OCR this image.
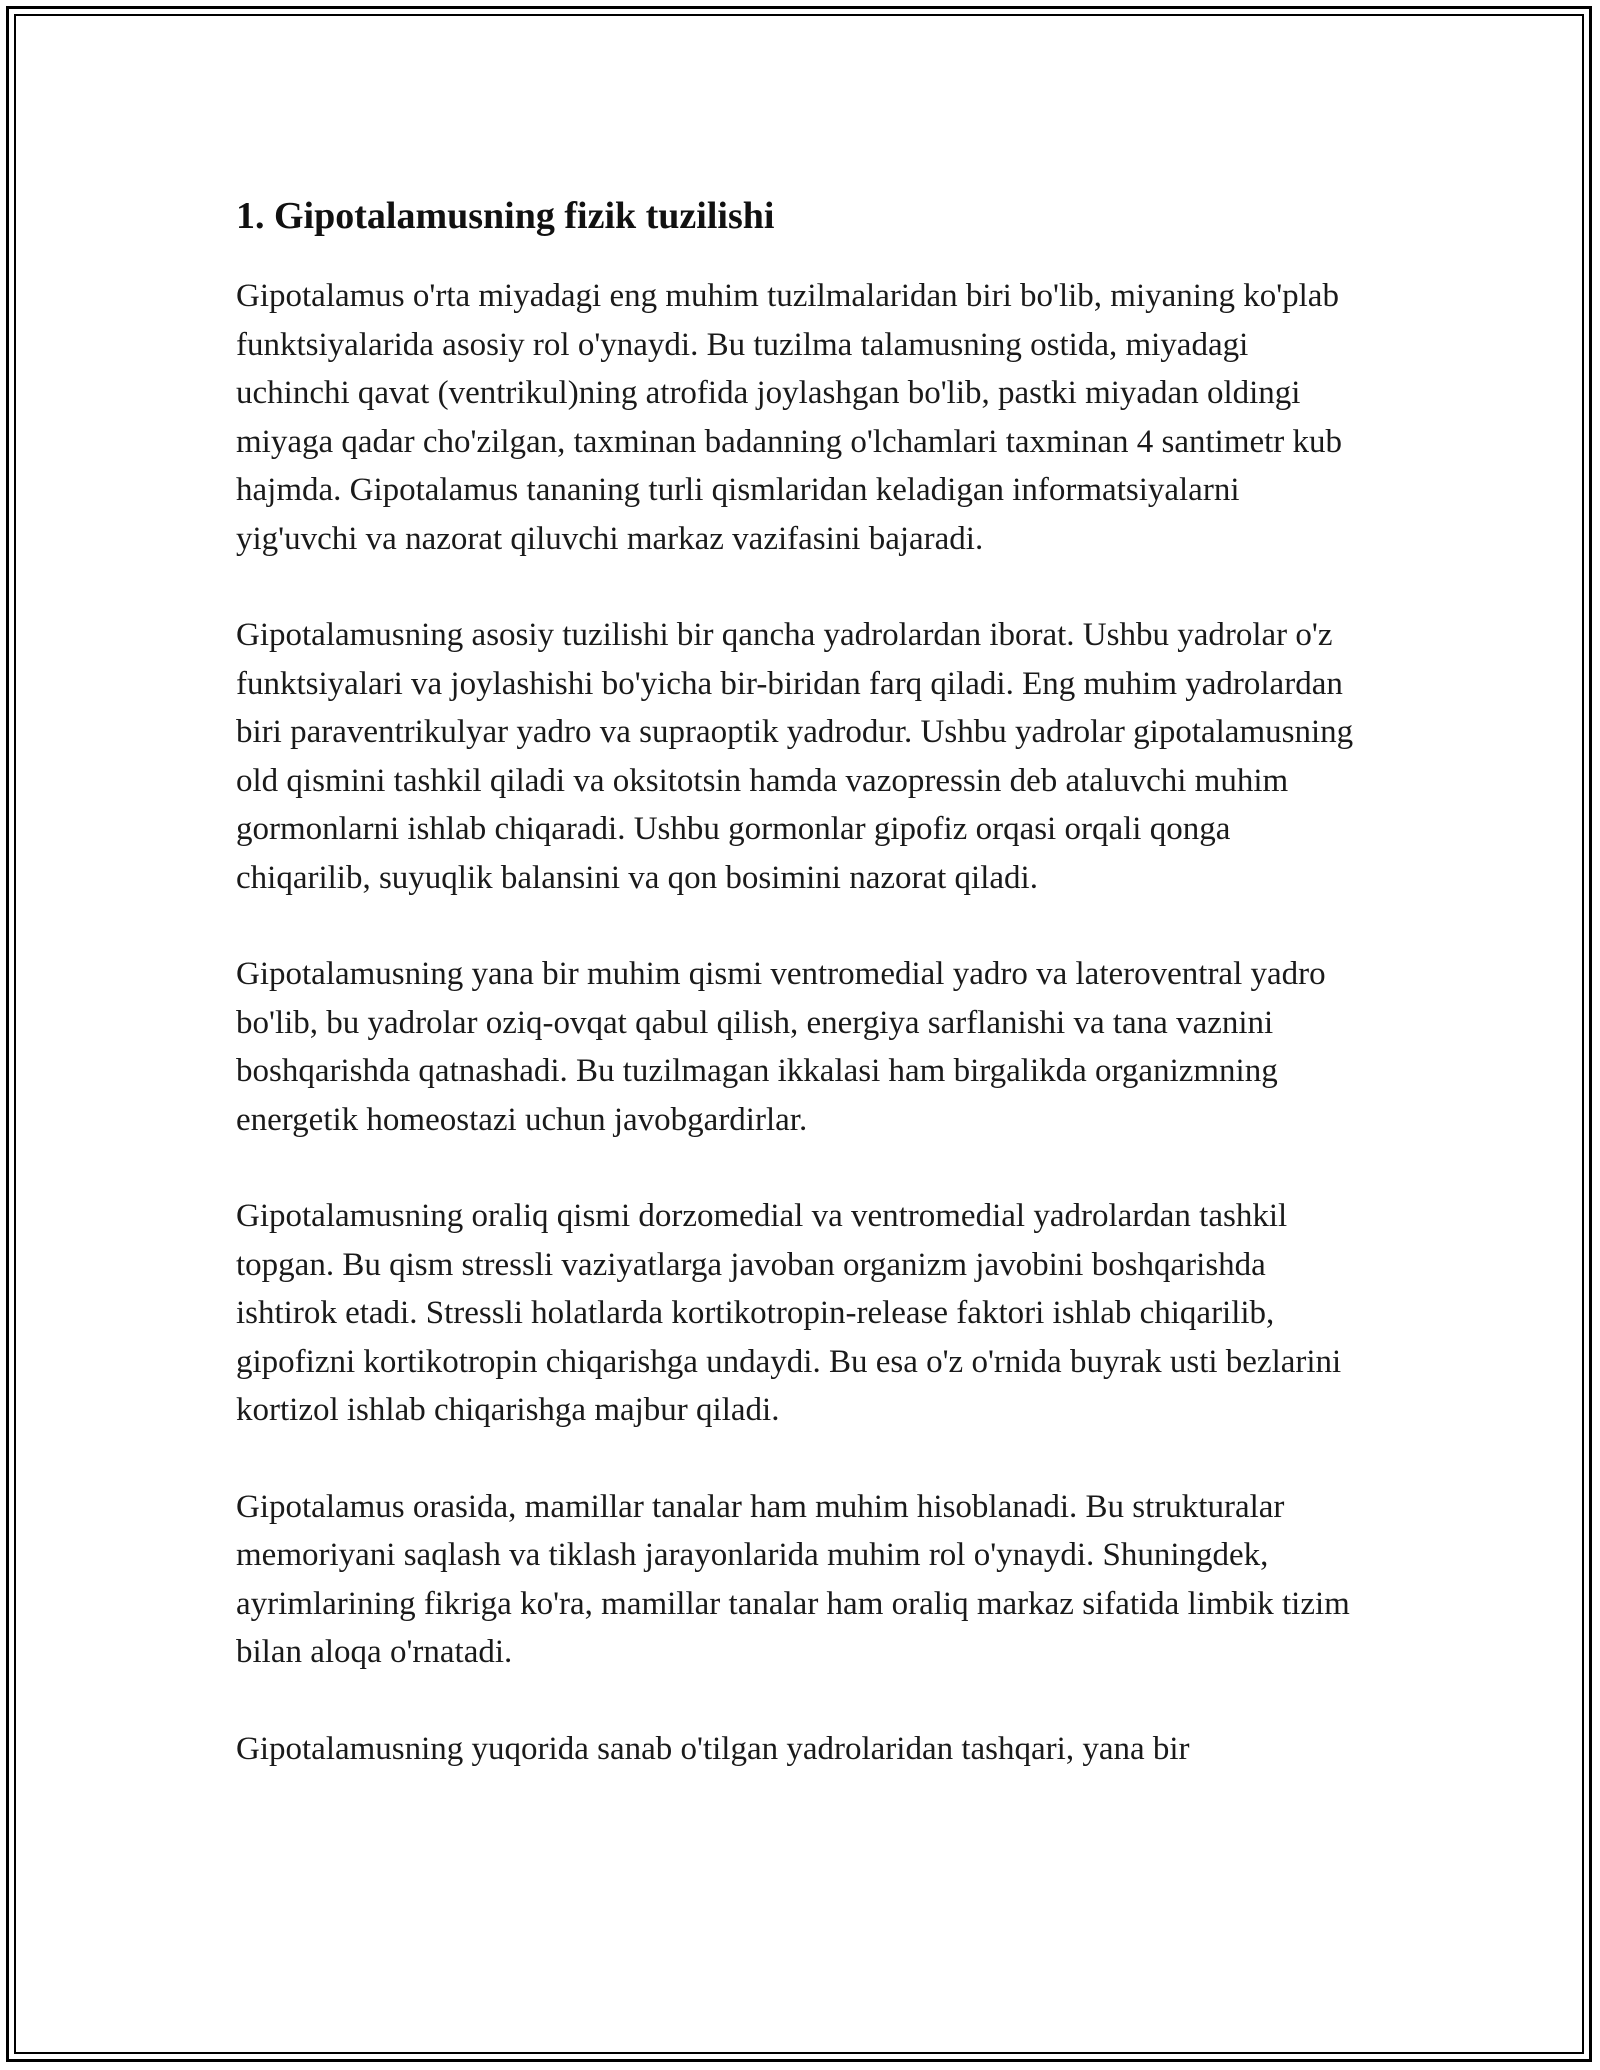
1. Gipotalamusning fizik tuzilishi

Gipotalamus o'rta miyadagi eng muhim tuzilmalaridan biri bo'lib, miyaning ko'plab funktsiyalarida asosiy rol o'ynaydi. Bu tuzilma talamusning ostida, miyadagi uchinchi qavat (ventrikul)ning atrofida joylashgan bo'lib, pastki miyadan oldingi miyaga qadar cho'zilgan, taxminan badanning o'lchamlari taxminan 4 santimetr kub hajmda. Gipotalamus tananing turli qismlaridan keladigan informatsiyalarni yig'uvchi va nazorat qiluvchi markaz vazifasini bajaradi.

Gipotalamusning asosiy tuzilishi bir qancha yadrolardan iborat. Ushbu yadrolar o'z funktsiyalari va joylashishi bo'yicha bir-biridan farq qiladi. Eng muhim yadrolardan biri paraventrikulyar yadro va supraoptik yadrodur. Ushbu yadrolar gipotalamusning old qismini tashkil qiladi va oksitotsin hamda vazopressin deb ataluvchi muhim gormonlarni ishlab chiqaradi. Ushbu gormonlar gipofiz orqasi orqali qonga chiqarilib, suyuqlik balansini va qon bosimini nazorat qiladi.

Gipotalamusning yana bir muhim qismi ventromedial yadro va lateroventral yadro bo'lib, bu yadrolar oziq-ovqat qabul qilish, energiya sarflanishi va tana vaznini boshqarishda qatnashadi. Bu tuzilmagan ikkalasi ham birgalikda organizmning energetik homeostazi uchun javobgardirlar.

Gipotalamusning oraliq qismi dorzomedial va ventromedial yadrolardan tashkil topgan. Bu qism stressli vaziyatlarga javoban organizm javobini boshqarishda ishtirok etadi. Stressli holatlarda kortikotropin-release faktori ishlab chiqarilib, gipofizni kortikotropin chiqarishga undaydi. Bu esa o'z o'rnida buyrak usti bezlarini kortizol ishlab chiqarishga majbur qiladi.

Gipotalamus orasida, mamillar tanalar ham muhim hisoblanadi. Bu strukturalar memoriyani saqlash va tiklash jarayonlarida muhim rol o'ynaydi. Shuningdek, ayrimlarining fikriga ko'ra, mamillar tanalar ham oraliq markaz sifatida limbik tizim bilan aloqa o'rnatadi.

Gipotalamusning yuqorida sanab o'tilgan yadrolaridan tashqari, yana bir
